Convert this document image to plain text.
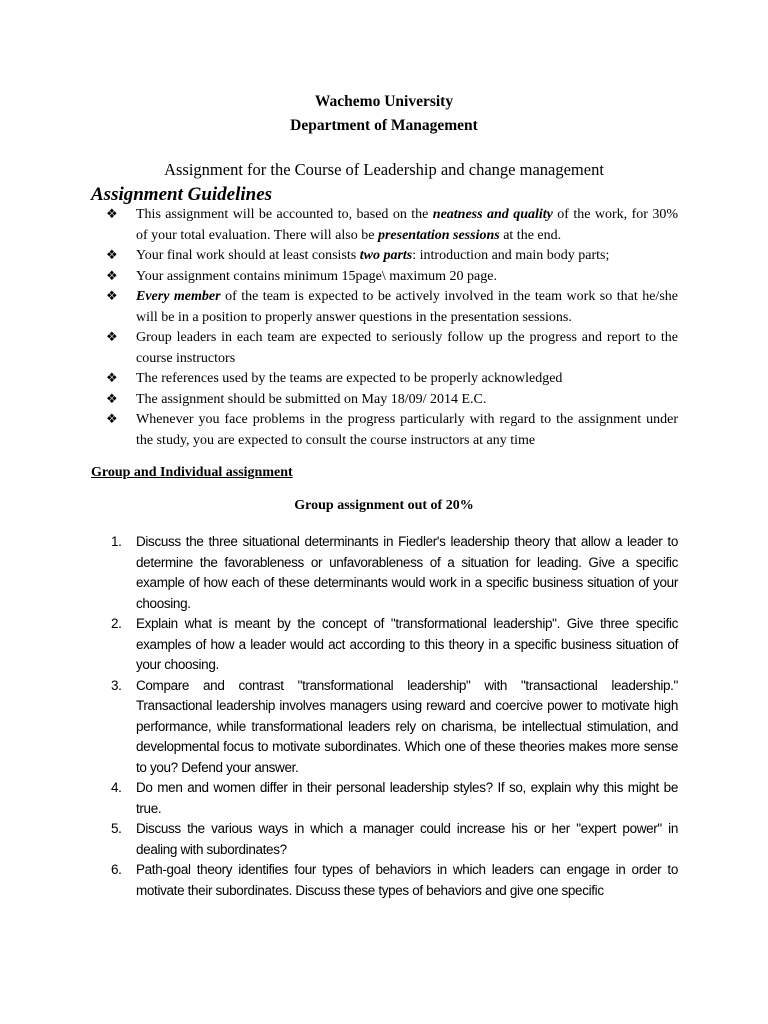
Wachemo University
Department of Management
Assignment for the Course of Leadership and change management
Assignment Guidelines
❖ This assignment will be accounted to, based on the neatness and quality of the work, for 30% of your total evaluation. There will also be presentation sessions at the end.
❖ Your final work should at least consists two parts: introduction and main body parts;
❖ Your assignment contains minimum 15page\ maximum 20 page.
❖ Every member of the team is expected to be actively involved in the team work so that he/she will be in a position to properly answer questions in the presentation sessions.
❖ Group leaders in each team are expected to seriously follow up the progress and report to the course instructors
❖ The references used by the teams are expected to be properly acknowledged
❖ The assignment should be submitted on May 18/09/ 2014 E.C.
❖ Whenever you face problems in the progress particularly with regard to the assignment under the study, you are expected to consult the course instructors at any time
Group and Individual assignment
Group assignment out of 20%
1. Discuss the three situational determinants in Fiedler's leadership theory that allow a leader to determine the favorableness or unfavorableness of a situation for leading. Give a specific example of how each of these determinants would work in a specific business situation of your choosing.
2. Explain what is meant by the concept of "transformational leadership". Give three specific examples of how a leader would act according to this theory in a specific business situation of your choosing.
3. Compare and contrast "transformational leadership" with "transactional leadership." Transactional leadership involves managers using reward and coercive power to motivate high performance, while transformational leaders rely on charisma, be intellectual stimulation, and developmental focus to motivate subordinates. Which one of these theories makes more sense to you? Defend your answer.
4. Do men and women differ in their personal leadership styles? If so, explain why this might be true.
5. Discuss the various ways in which a manager could increase his or her "expert power" in dealing with subordinates?
6. Path-goal theory identifies four types of behaviors in which leaders can engage in order to motivate their subordinates. Discuss these types of behaviors and give one specific
